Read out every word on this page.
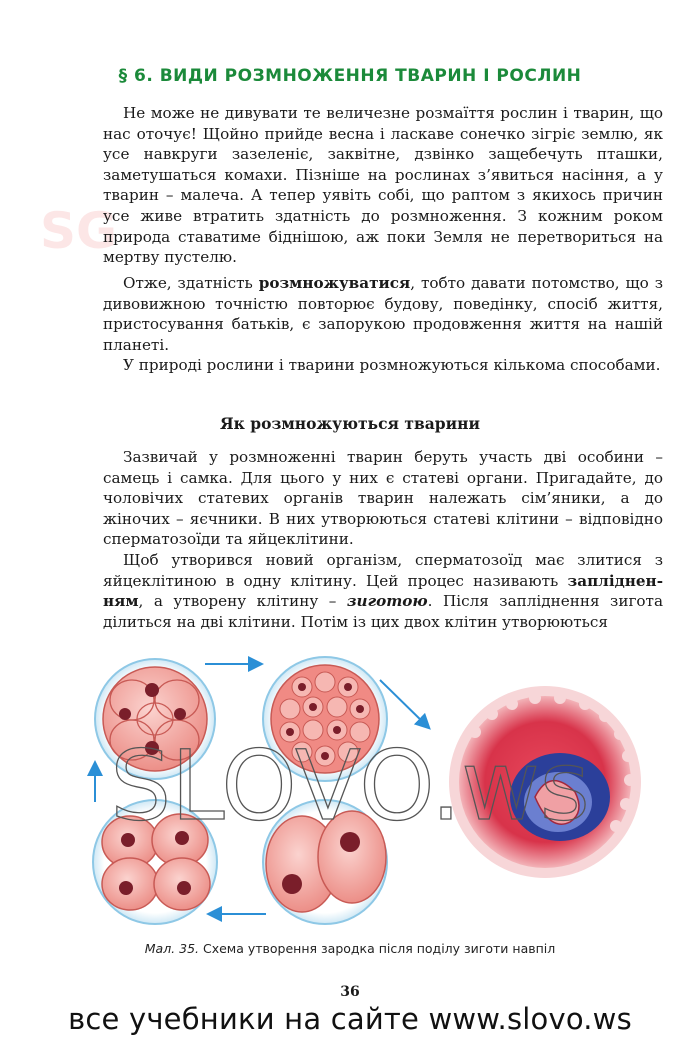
SG
§ 6. ВИДИ РОЗМНОЖЕННЯ ТВАРИН І РОСЛИН

Не може не дивувати те величезне розмаїття рослин і тварин, що нас оточує! Щойно прийде весна і ласкаве сонечко зігріє землю, як усе навкруги зазеленіє, заквітне, дзвінко защебечуть пташки, заметушаться комахи. Пізніше на рослинах з’явиться насіння, а у тварин – малеча. А тепер уявіть собі, що раптом з якихось причин усе живе втратить здатність до розмноження. З кожним роком природа ставатиме біднішою, аж поки Земля не перетвориться на мертву пустелю.

Отже, здатність розмножуватися, тобто давати потомство, що з дивовижною точністю повторює будову, поведінку, спосіб життя, пристосування батьків, є запорукою продовження життя на нашій планеті.

У природі рослини і тварини розмножуються кількома способами.

Як розмножуються тварини

Зазвичай у розмноженні тварин беруть участь дві особини – самець і самка. Для цього у них є статеві органи. Пригадайте, до чоловічих статевих органів тварин належать сім’яники, а до жіночих – яєчники. В них утворюються статеві клітини – відповідно сперматозоїди та яйцеклітини.

Щоб утворився новий організм, сперматозоїд має злитися з яйцеклітиною в одну клітину. Цей процес називають заплідненням, а утворену клітину – зиготою. Після запліднення зигота ділиться на дві клітини. Потім із цих двох клітин утворюються

SLOVO.ws
Мал. 35. Схема утворення зародка після поділу зиготи навпіл
36
все учебники на сайте www.slovo.ws
